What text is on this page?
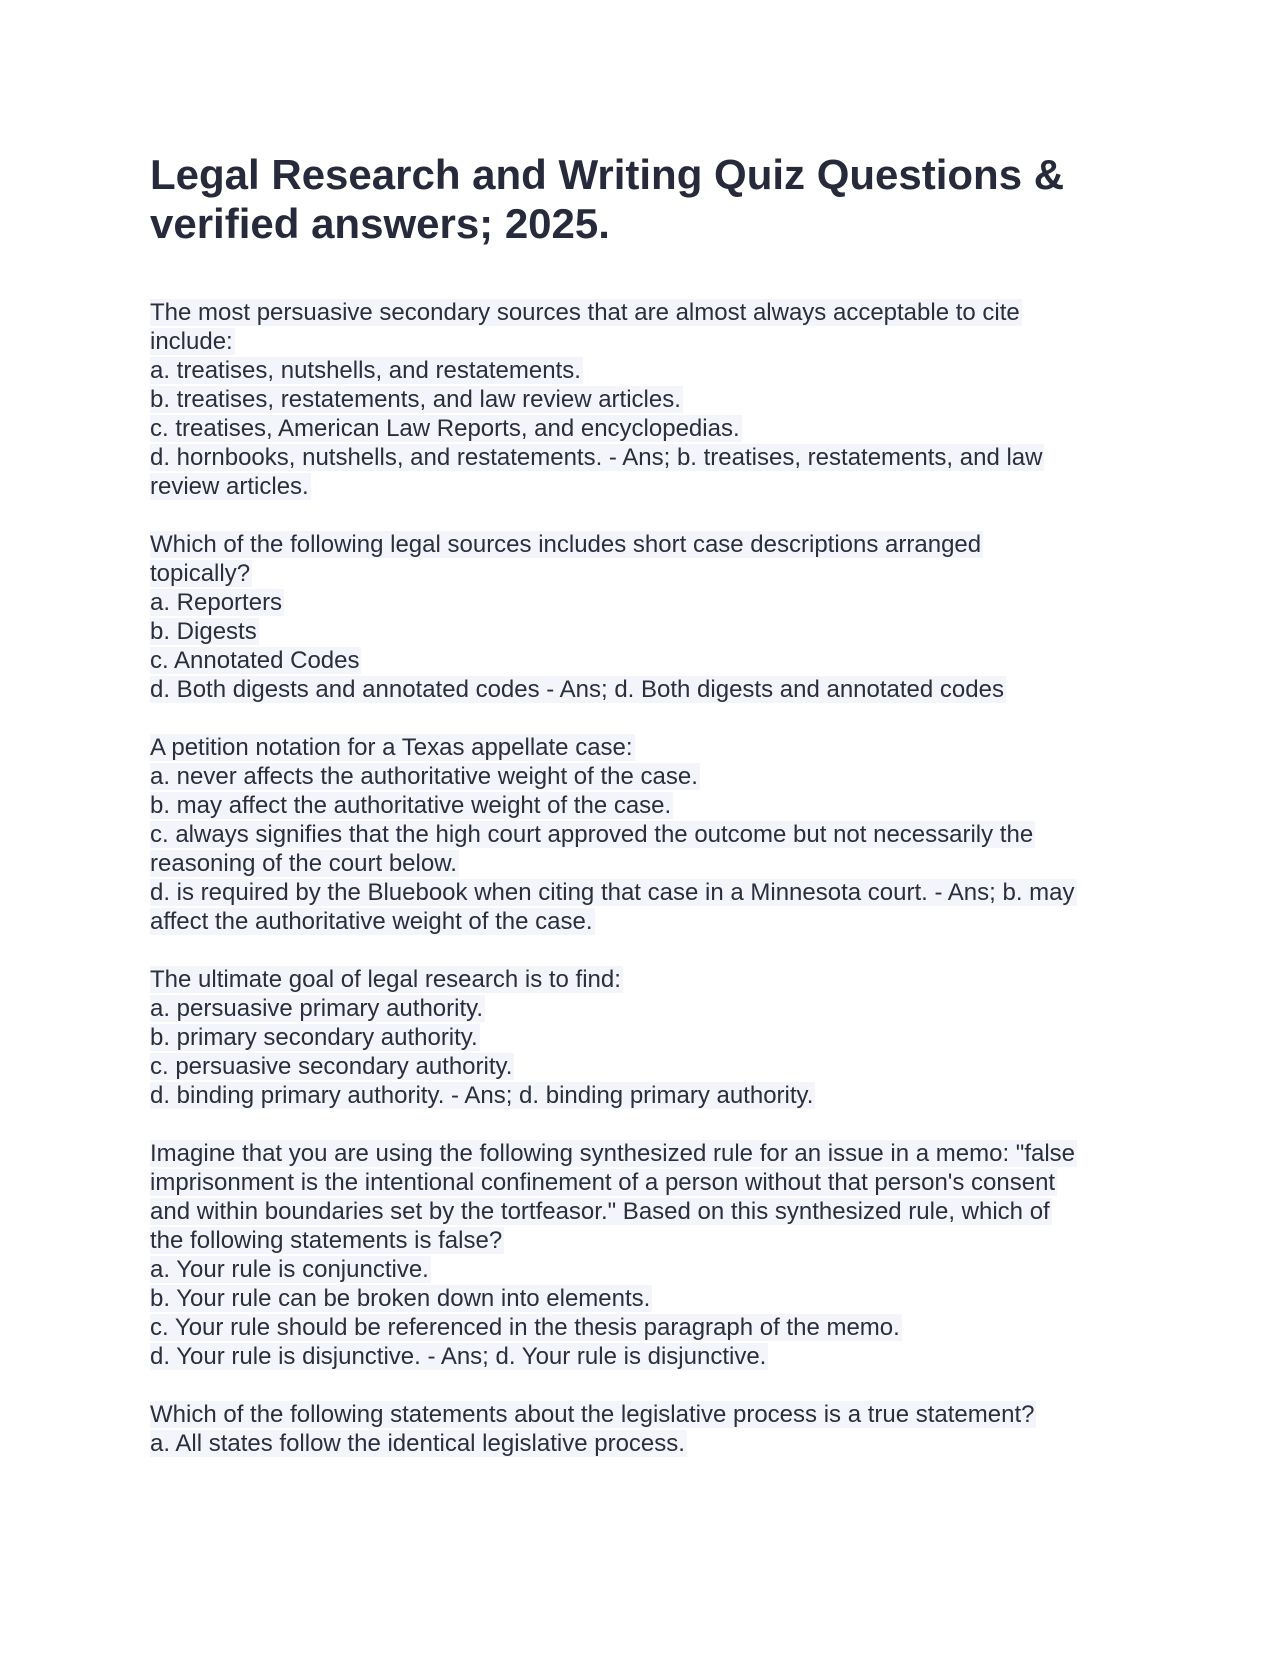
Legal Research and Writing Quiz Questions &
verified answers; 2025.
The most persuasive secondary sources that are almost always acceptable to cite
include:
a. treatises, nutshells, and restatements.
b. treatises, restatements, and law review articles.
c. treatises, American Law Reports, and encyclopedias.
d. hornbooks, nutshells, and restatements. - Ans; b. treatises, restatements, and law
review articles.
Which of the following legal sources includes short case descriptions arranged
topically?
a. Reporters
b. Digests
c. Annotated Codes
d. Both digests and annotated codes - Ans; d. Both digests and annotated codes
A petition notation for a Texas appellate case:
a. never affects the authoritative weight of the case.
b. may affect the authoritative weight of the case.
c. always signifies that the high court approved the outcome but not necessarily the
reasoning of the court below.
d. is required by the Bluebook when citing that case in a Minnesota court. - Ans; b. may
affect the authoritative weight of the case.
The ultimate goal of legal research is to find:
a. persuasive primary authority.
b. primary secondary authority.
c. persuasive secondary authority.
d. binding primary authority. - Ans; d. binding primary authority.
Imagine that you are using the following synthesized rule for an issue in a memo: "false
imprisonment is the intentional confinement of a person without that person's consent
and within boundaries set by the tortfeasor." Based on this synthesized rule, which of
the following statements is false?
a. Your rule is conjunctive.
b. Your rule can be broken down into elements.
c. Your rule should be referenced in the thesis paragraph of the memo.
d. Your rule is disjunctive. - Ans; d. Your rule is disjunctive.
Which of the following statements about the legislative process is a true statement?
a. All states follow the identical legislative process.
